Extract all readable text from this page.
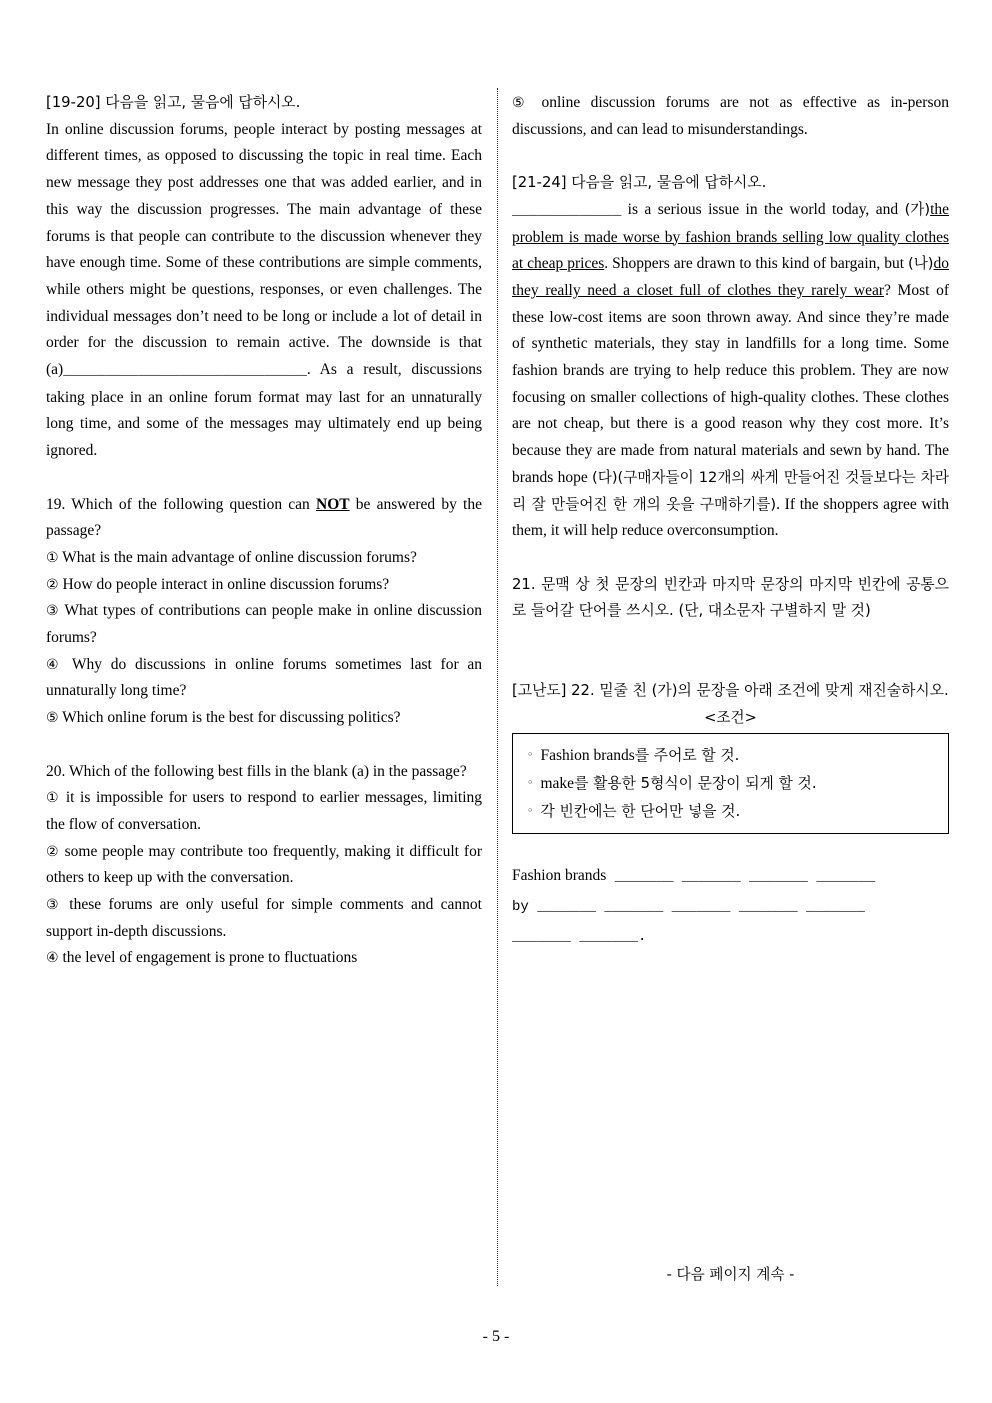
[19-20] 다음을 읽고, 물음에 답하시오.

In online discussion forums, people interact by posting messages at different times, as opposed to discussing the topic in real time. Each new message they post addresses one that was added earlier, and in this way the discussion progresses. The main advantage of these forums is that people can contribute to the discussion whenever they have enough time. Some of these contributions are simple comments, while others might be questions, responses, or even challenges. The individual messages don’t need to be long or include a lot of detail in order for the discussion to remain active. The downside is that (a)_____________________________. As a result, discussions taking place in an online forum format may last for an unnaturally long time, and some of the messages may ultimately end up being ignored.

19. Which of the following question can NOT be answered by the passage?

① What is the main advantage of online discussion forums?

② How do people interact in online discussion forums?

③ What types of contributions can people make in online discussion forums?

④ Why do discussions in online forums sometimes last for an unnaturally long time?

⑤ Which online forum is the best for discussing politics?

20. Which of the following best fills in the blank (a) in the passage?

① it is impossible for users to respond to earlier messages, limiting the flow of conversation.

② some people may contribute too frequently, making it difficult for others to keep up with the conversation.

③ these forums are only useful for simple comments and cannot support in-depth discussions.

④ the level of engagement is prone to fluctuations

⑤ online discussion forums are not as effective as in-person discussions, and can lead to misunderstandings.

[21-24] 다음을 읽고, 물음에 답하시오.

_____________ is a serious issue in the world today, and (가)the problem is made worse by fashion brands selling low quality clothes at cheap prices. Shoppers are drawn to this kind of bargain, but (나)do they really need a closet full of clothes they rarely wear? Most of these low-cost items are soon thrown away. And since they’re made of synthetic materials, they stay in landfills for a long time. Some fashion brands are trying to help reduce this problem. They are now focusing on smaller collections of high-quality clothes. These clothes are not cheap, but there is a good reason why they cost more. It’s because they are made from natural materials and sewn by hand. The brands hope (다)(구매자들이 12개의 싸게 만들어진 것들보다는 차라리 잘 만들어진 한 개의 옷을 구매하기를). If the shoppers agree with them, it will help reduce overconsumption.

21. 문맥 상 첫 문장의 빈칸과 마지막 문장의 마지막 빈칸에 공통으로 들어갈 단어를 쓰시오. (단, 대소문자 구별하지 말 것)

[고난도] 22. 밑줄 친 (가)의 문장을 아래 조건에 맞게 재진술하시오.

<조건>

◦ Fashion brands를 주어로 할 것.
◦ make를 활용한 5형식이 문장이 되게 할 것.
◦ 각 빈칸에는 한 단어만 넣을 것.
Fashion brands _______ _______ _______ _______
by _______ _______ _______ _______ _______
_______ _______.
- 다음 페이지 계속 -
- 5 -
